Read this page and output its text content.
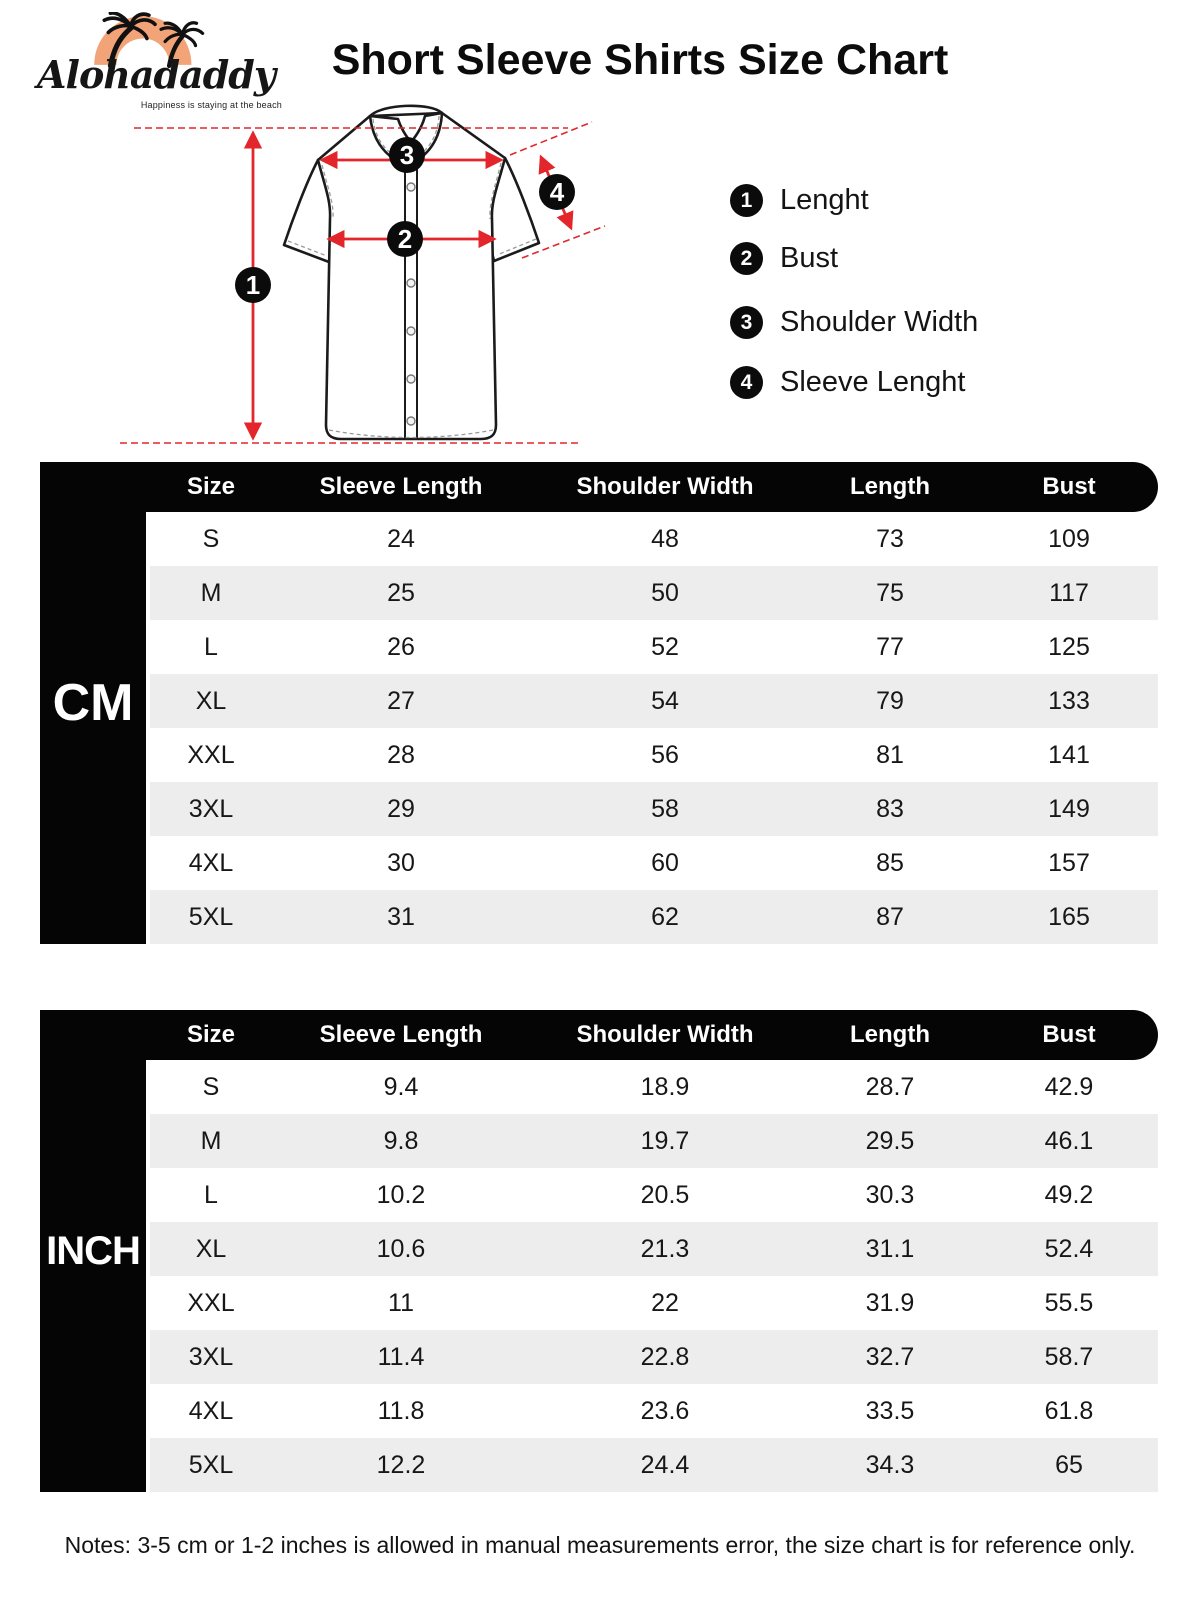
Alohadaddy
Happiness is staying at the beach
Short Sleeve Shirts Size Chart
1
2
3
4	1 Lenght
2 Bust
3 Shoulder Width
4 Sleeve Lenght
CM
Size	Sleeve Length	Shoulder Width	Length	Bust
S	24	48	73	109
M	25	50	75	117
L	26	52	77	125
XL	27	54	79	133
XXL	28	56	81	141
3XL	29	58	83	149
4XL	30	60	85	157
5XL	31	62	87	165
INCH
Size	Sleeve Length	Shoulder Width	Length	Bust
S	9.4	18.9	28.7	42.9
M	9.8	19.7	29.5	46.1
L	10.2	20.5	30.3	49.2
XL	10.6	21.3	31.1	52.4
XXL	11	22	31.9	55.5
3XL	11.4	22.8	32.7	58.7
4XL	11.8	23.6	33.5	61.8
5XL	12.2	24.4	34.3	65
Notes: 3-5 cm or 1-2 inches is allowed in manual measurements error, the size chart is for reference only.
